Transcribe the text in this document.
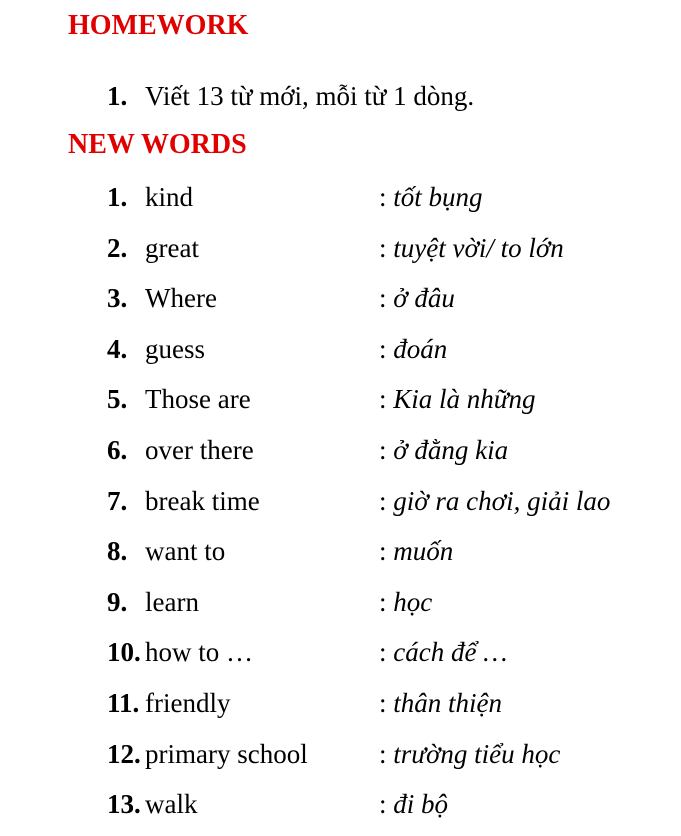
HOMEWORK
1. Viết 13 từ mới, mỗi từ 1 dòng.
NEW WORDS
1. kind	: tốt bụng
2. great	: tuyệt vời/ to lớn
3. Where	: ở đâu
4. guess	: đoán
5. Those are	: Kia là những
6. over there	: ở đằng kia
7. break time	: giờ ra chơi, giải lao
8. want to	: muốn
9. learn	: học
10. how to …	: cách để …
11. friendly	: thân thiện
12. primary school	: trường tiểu học
13. walk	: đi bộ
